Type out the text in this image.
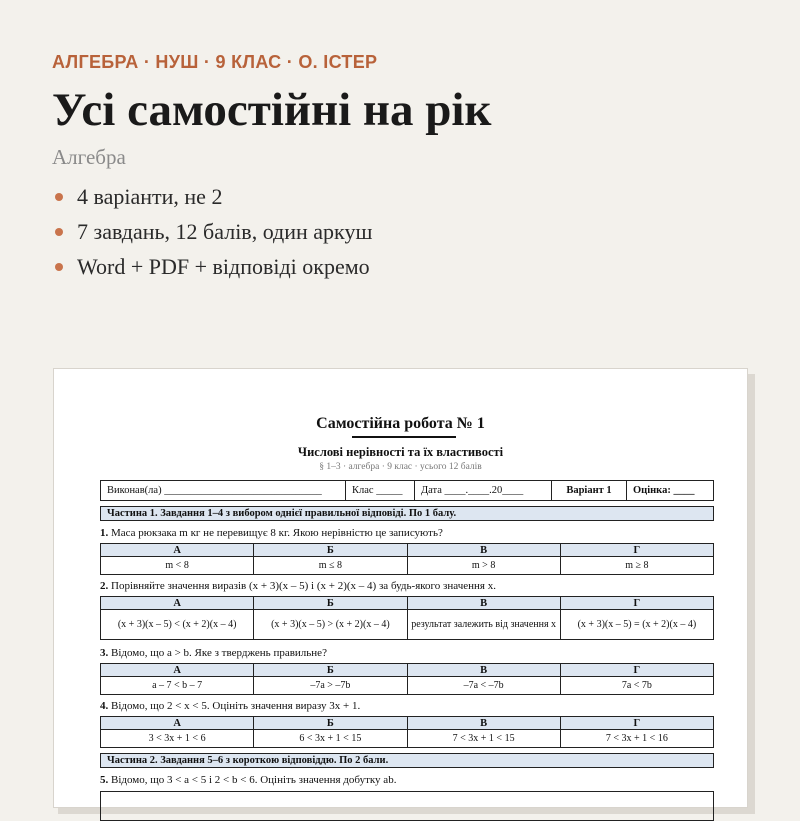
АЛГЕБРА · НУШ · 9 КЛАС · О. ІСТЕР
Усі самостійні на рік
Алгебра
4 варіанти, не 2
7 завдань, 12 балів, один аркуш
Word + PDF + відповіді окремо
Самостійна робота № 1
Числові нерівності та їх властивості
§ 1–3 · алгебра · 9 клас · усього 12 балів
Виконав(ла) ______________________________	Клас _____	Дата ____.____.20____	Варіант 1	Оцінка: ____
Частина 1. Завдання 1–4 з вибором однієї правильної відповіді. По 1 балу.
1. Маса рюкзака m кг не перевищує 8 кг. Якою нерівністю це записують?
А	Б	В	Г
m < 8	m ≤ 8	m > 8	m ≥ 8
2. Порівняйте значення виразів (x + 3)(x – 5) і (x + 2)(x – 4) за будь-якого значення x.
А	Б	В	Г
(x + 3)(x – 5) < (x + 2)(x – 4)	(x + 3)(x – 5) > (x + 2)(x – 4)	результат залежить від значення x	(x + 3)(x – 5) = (x + 2)(x – 4)
3. Відомо, що a > b. Яке з тверджень правильне?
А	Б	В	Г
a – 7 < b – 7	–7a > –7b	–7a < –7b	7a < 7b
4. Відомо, що 2 < x < 5. Оцініть значення виразу 3x + 1.
А	Б	В	Г
3 < 3x + 1 < 6	6 < 3x + 1 < 15	7 < 3x + 1 < 15	7 < 3x + 1 < 16
Частина 2. Завдання 5–6 з короткою відповіддю. По 2 бали.
5. Відомо, що 3 < a < 5 і 2 < b < 6. Оцініть значення добутку ab.
